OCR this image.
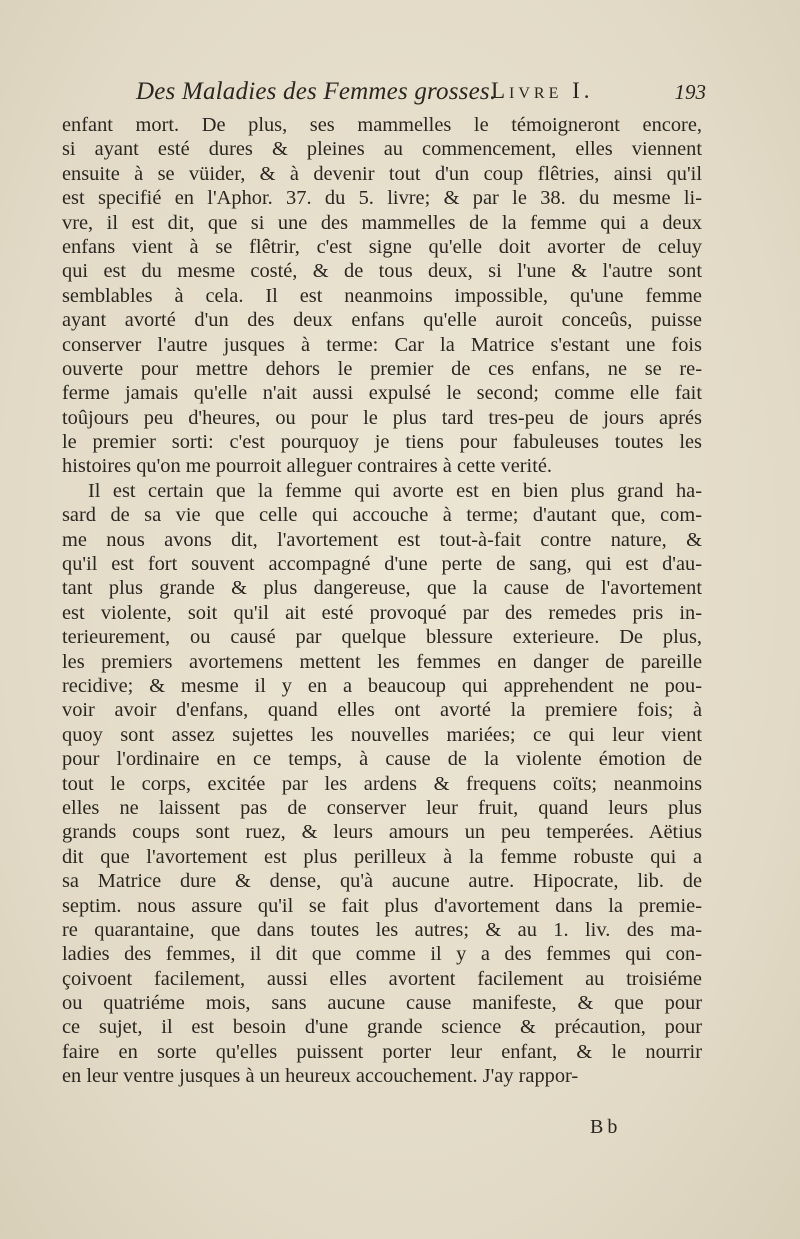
Des Maladies des Femmes grosses.
Livre I.	193
enfant mort. De plus, ses mammelles le témoigneront encore,
si ayant esté dures & pleines au commencement, elles viennent
ensuite à se vüider, & à devenir tout d'un coup flêtries, ainsi qu'il
est specifié en l'Aphor. 37. du 5. livre; & par le 38. du mesme li-
vre, il est dit, que si une des mammelles de la femme qui a deux
enfans vient à se flêtrir, c'est signe qu'elle doit avorter de celuy
qui est du mesme costé, & de tous deux, si l'une & l'autre sont
semblables à cela. Il est neanmoins impossible, qu'une femme
ayant avorté d'un des deux enfans qu'elle auroit conceûs, puisse
conserver l'autre jusques à terme: Car la Matrice s'estant une fois
ouverte pour mettre dehors le premier de ces enfans, ne se re-
ferme jamais qu'elle n'ait aussi expulsé le second; comme elle fait
toûjours peu d'heures, ou pour le plus tard tres-peu de jours aprés
le premier sorti: c'est pourquoy je tiens pour fabuleuses toutes les
histoires qu'on me pourroit alleguer contraires à cette verité.
Il est certain que la femme qui avorte est en bien plus grand ha-
sard de sa vie que celle qui accouche à terme; d'autant que, com-
me nous avons dit, l'avortement est tout-à-fait contre nature, &
qu'il est fort souvent accompagné d'une perte de sang, qui est d'au-
tant plus grande & plus dangereuse, que la cause de l'avortement
est violente, soit qu'il ait esté provoqué par des remedes pris in-
terieurement, ou causé par quelque blessure exterieure. De plus,
les premiers avortemens mettent les femmes en danger de pareille
recidive; & mesme il y en a beaucoup qui apprehendent ne pou-
voir avoir d'enfans, quand elles ont avorté la premiere fois; à
quoy sont assez sujettes les nouvelles mariées; ce qui leur vient
pour l'ordinaire en ce temps, à cause de la violente émotion de
tout le corps, excitée par les ardens & frequens coïts; neanmoins
elles ne laissent pas de conserver leur fruit, quand leurs plus
grands coups sont ruez, & leurs amours un peu temperées. Aëtius
dit que l'avortement est plus perilleux à la femme robuste qui a
sa Matrice dure & dense, qu'à aucune autre. Hipocrate, lib. de
septim. nous assure qu'il se fait plus d'avortement dans la premie-
re quarantaine, que dans toutes les autres; & au 1. liv. des ma-
ladies des femmes, il dit que comme il y a des femmes qui con-
çoivoent facilement, aussi elles avortent facilement au troisiéme
ou quatriéme mois, sans aucune cause manifeste, & que pour
ce sujet, il est besoin d'une grande science & précaution, pour
faire en sorte qu'elles puissent porter leur enfant, & le nourrir
en leur ventre jusques à un heureux accouchement. J'ay rappor-
Bb
